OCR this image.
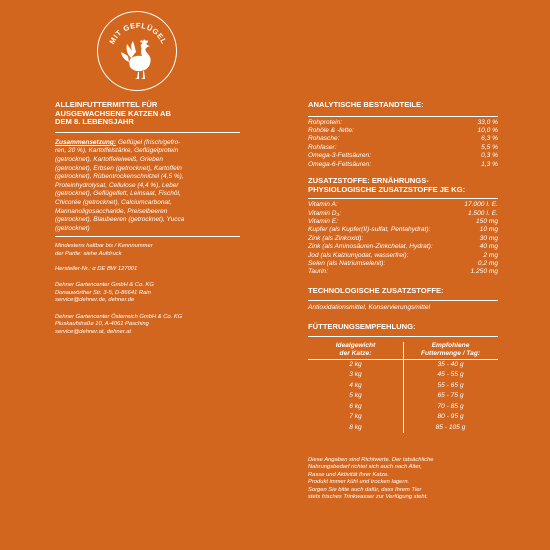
MIT GEFLÜGEL
ALLEINFUTTERMITTEL FÜR
AUSGEWACHSENE KATZEN AB
DEM 8. LEBENSJAHR
Zusammensetzung: Geflügel (frisch/gefro-
ren, 20 %), Kartoffelstärke, Geflügelprotein
(getrocknet), Kartoffeleiweiß, Grieben
(getrocknet), Erbsen (getrocknet), Kartoffeln
(getrocknet), Rübentrockenschnitzel (4,5 %),
Proteinhydrolysat, Cellulose (4,4 %), Leber
(getrocknet), Geflügelfett, Leinsaat, Fischöl,
Chicorée (getrocknet), Calciumcarbonat,
Mannanoligosaccharide, Preiselbeeren
(getrocknet), Blaubeeren (getrocknet), Yucca
(getrocknet)
Mindestens haltbar bis / Kennnummer
der Partie: siehe Aufdruck
Hersteller-Nr.: α DE BW 127001
Dehner Gartencenter GmbH & Co. KG
Donauwörther Str. 3-5, D-86641 Rain
service@dehner.de, dehner.de
Dehner Gartencenter Österreich GmbH & Co. KG
Pluskaufstraße 10, A-4061 Pasching
service@dehner.at, dehner.at
ANALYTISCHE BESTANDTEILE:
Rohprotein:	33,0 %
Rohöle & -fette:	10,0 %
Rohasche:	6,3 %
Rohfaser:	5,5 %
Omega-3-Fettsäuren:	0,3 %
Omega-6-Fettsäuren:	1,3 %
ZUSATZSTOFFE: ERNÄHRUNGS-
PHYSIOLOGISCHE ZUSATZSTOFFE JE KG:
Vitamin A:	17.000 I. E.
Vitamin D₃:	1.500 I. E.
Vitamin E:	150 mg
Kupfer (als Kupfer(II)-sulfat, Pentahydrat):	10 mg
Zink (als Zinkoxid):	30 mg
Zink (als Aminosäuren-Zinkchelat, Hydrat):	40 mg
Jod (als Kalziumjodat, wasserfrei):	2 mg
Selen (als Natriumselenit):	0,2 mg
Taurin:	1.250 mg
TECHNOLOGISCHE ZUSATZSTOFFE:
Antioxidationsmittel, Konservierungsmittel
FÜTTERUNGSEMPFEHLUNG:
Idealgewicht
der Katze:
Empfohlene
Futtermenge / Tag:
2 kg	35 - 40 g
3 kg	45 - 55 g
4 kg	55 - 65 g
5 kg	65 - 75 g
6 kg	70 - 85 g
7 kg	80 - 95 g
8 kg	85 - 105 g
Diese Angaben sind Richtwerte. Der tatsächliche
Nahrungsbedarf richtet sich auch nach Alter,
Rasse und Aktivität Ihrer Katze.
Produkt immer kühl und trocken lagern.
Sorgen Sie bitte auch dafür, dass Ihrem Tier
stets frisches Trinkwasser zur Verfügung steht.
